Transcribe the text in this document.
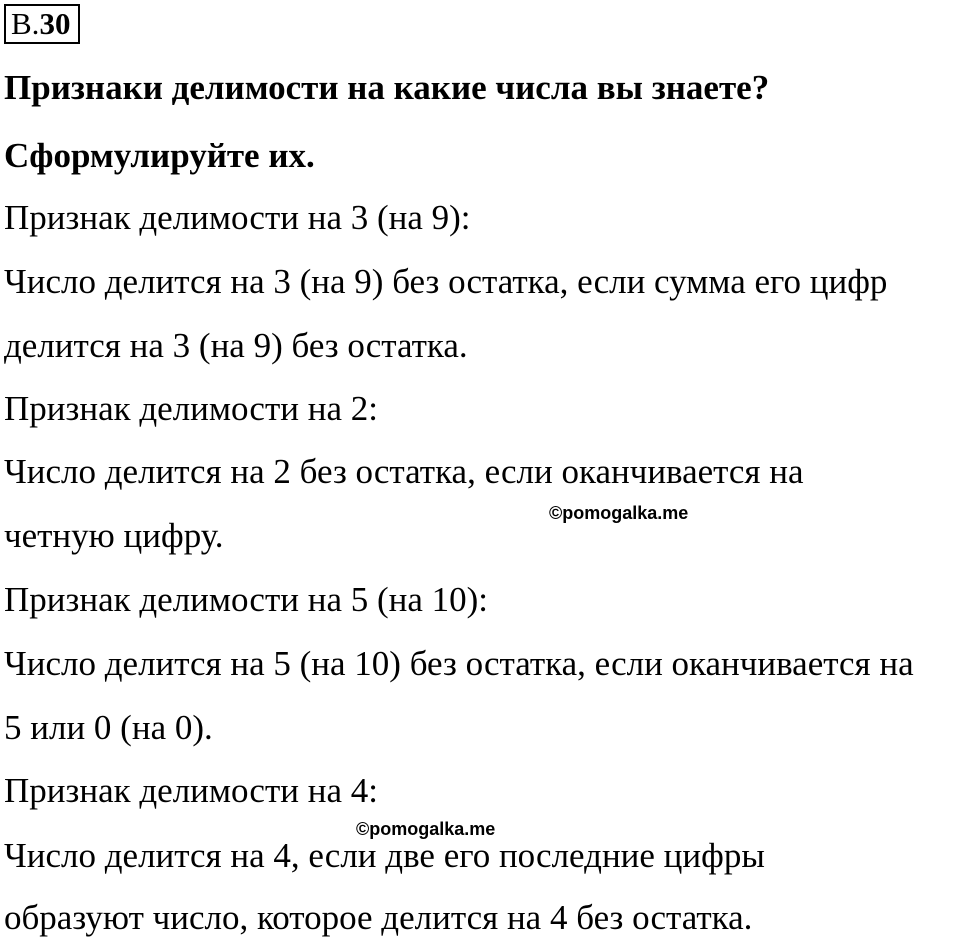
В.30

Признаки делимости на какие числа вы знаете?

Сформулируйте их.

Признак делимости на 3 (на 9):

Число делится на 3 (на 9) без остатка, если сумма его цифр

делится на 3 (на 9) без остатка.

Признак делимости на 2:

Число делится на 2 без остатка, если оканчивается на

четную цифру.

Признак делимости на 5 (на 10):

Число делится на 5 (на 10) без остатка, если оканчивается на

5 или 0 (на 0).

Признак делимости на 4:

Число делится на 4, если две его последние цифры

образуют число, которое делится на 4 без остатка.

©pomogalka.me
©pomogalka.me
